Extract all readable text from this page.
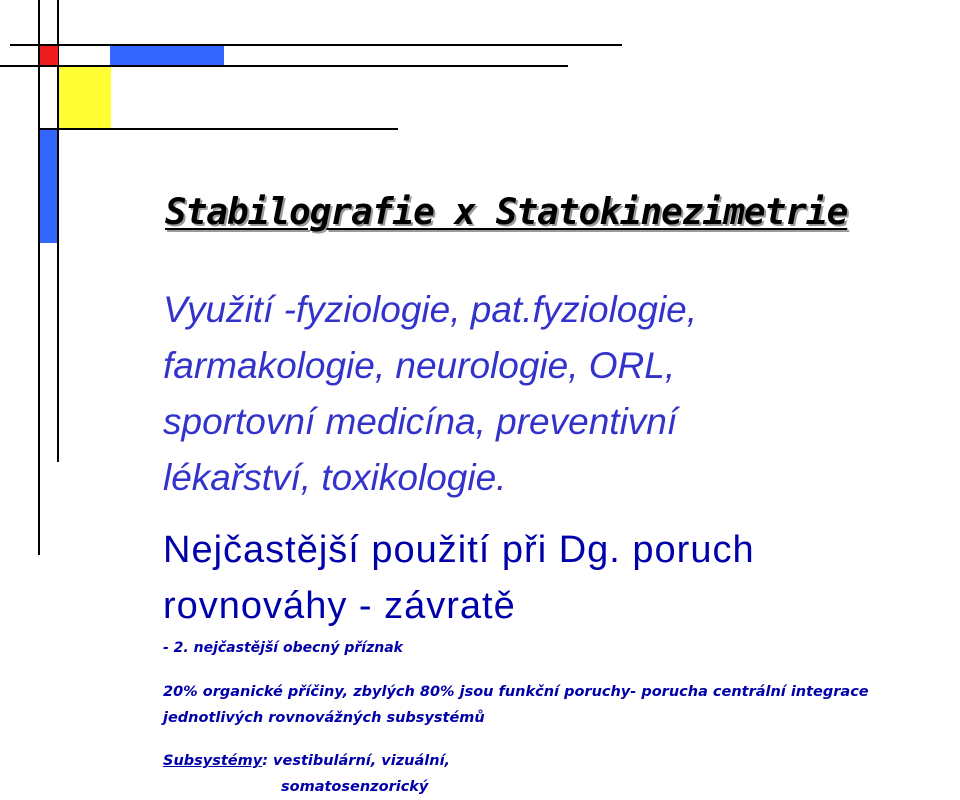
Stabilografie x Statokinezimetrie
Využití -fyziologie, pat.fyziologie,
farmakologie, neurologie, ORL,
sportovní medicína, preventivní
lékařství, toxikologie.
Nejčastější použití při Dg. poruch
rovnováhy - závratě
- 2. nejčastější obecný příznak
20% organické příčiny, zbylých 80% jsou funkční poruchy- porucha centrální integrace
jednotlivých rovnovážných subsystémů
Subsystémy: vestibulární, vizuální,
somatosenzorický
